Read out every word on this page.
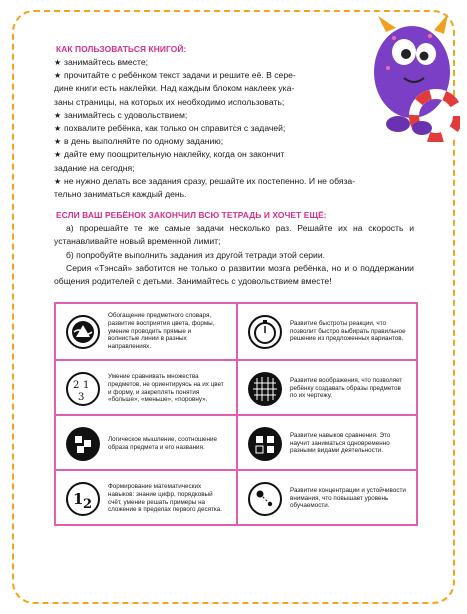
КАК ПОЛЬЗОВАТЬСЯ КНИГОЙ:
★ занимайтесь вместе;
★ прочитайте с ребёнком текст задачи и решите её. В сере-
дине книги есть наклейки. Над каждым блоком наклеек ука-
заны страницы, на которых их необходимо использовать;
★ занимайтесь с удовольствием;
★ похвалите ребёнка, как только он справится с задачей;
★ в день выполняйте по одному заданию;
★ дайте ему поощрительную наклейку, когда он закончит
задание на сегодня;
★ не нужно делать все задания сразу, решайте их постепенно. И не обяза-
тельно заниматься каждый день.
ЕСЛИ ВАШ РЕБЁНОК ЗАКОНЧИЛ ВСЮ ТЕТРАДЬ И ХОЧЕТ ЕЩЁ:

а) прорешайте те же самые задачи несколько раз. Решайте их на скорость и устанавливайте новый временной лимит;

б) попробуйте выполнить задания из другой тетради этой серии.

Серия «Тэнсай» заботится не только о развитии мозга ребёнка, но и о поддержании общения родителей с детьми. Занимайтесь с удовольствием вместе!

Обогащение предметного словаря, развитие восприятия цвета, формы, умение проводить прямые и волнистые линии в разных направлениях.
Развитие быстроты реакции, что позволит быстро выбирать правильное решение из предложенных вариантов.
2 1
3
Умение сравнивать множества предметов, не ориентируясь на их цвет и форму, и закреплять понятия «больше», «меньше», «поровну».
Развитие воображения, что позволяет ребёнку создавать образы предметов по их чертежу.
Логическое мышление, соотношение образа предмета и его названия.
Развитие навыков сравнения. Это научит заниматься одновременно разными видами деятельности.
1 2
Формирование математических навыков: знание цифр, порядковый счёт, умение решать примеры на сложение в пределах первого десятка.
Развитие концентрации и устойчивости внимания, что повышает уровень обучаемости.
